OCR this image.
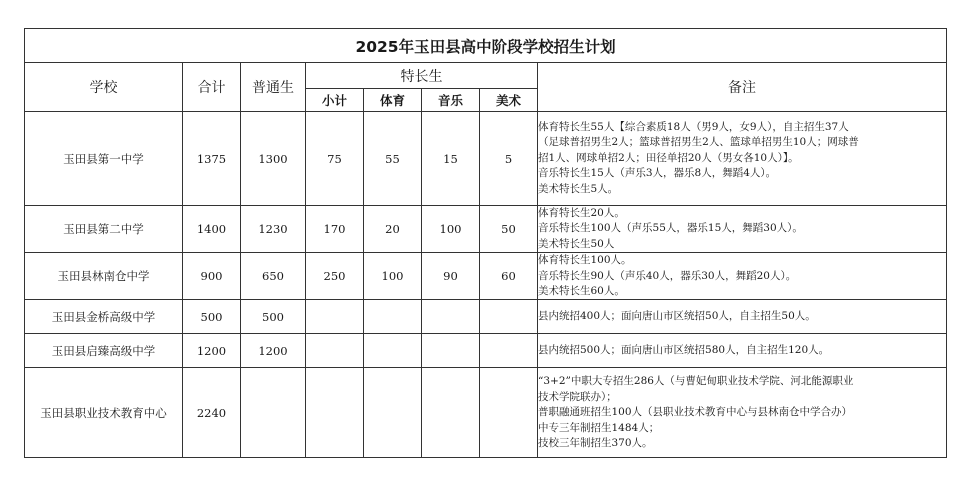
2025年玉田县高中阶段学校招生计划							
学校	合计	普通生	特长生				备注
			小计	体育	音乐	美术	
玉田县第一中学	1375	1300	75	55	15	5	体育特长生55人【综合素质18人（男9人，女9人），自主招生37人
（足球普招男生2人；篮球普招男生2人、篮球单招男生10人；网球普
招1人、网球单招2人；田径单招20人（男女各10人）】。
音乐特长生15人（声乐3人，器乐8人，舞蹈4人）。
美术特长生5人。

玉田县第二中学	1400	1230	170	20	100	50	体育特长生20人。
音乐特长生100人（声乐55人，器乐15人，舞蹈30人）。
美术特长生50人

玉田县林南仓中学	900	650	250	100	90	60	体育特长生100人。
音乐特长生90人（声乐40人，器乐30人，舞蹈20人）。
美术特长生60人。

玉田县金桥高级中学	500	500					县内统招400人；面向唐山市区统招50人，自主招生50人。

玉田县启臻高级中学	1200	1200					县内统招500人；面向唐山市区统招580人，自主招生120人。

玉田县职业技术教育中心	2240						“3+2”中职大专招生286人（与曹妃甸职业技术学院、河北能源职业
技术学院联办）；
普职融通班招生100人（县职业技术教育中心与县林南仓中学合办）
中专三年制招生1484人；
技校三年制招生370人。
